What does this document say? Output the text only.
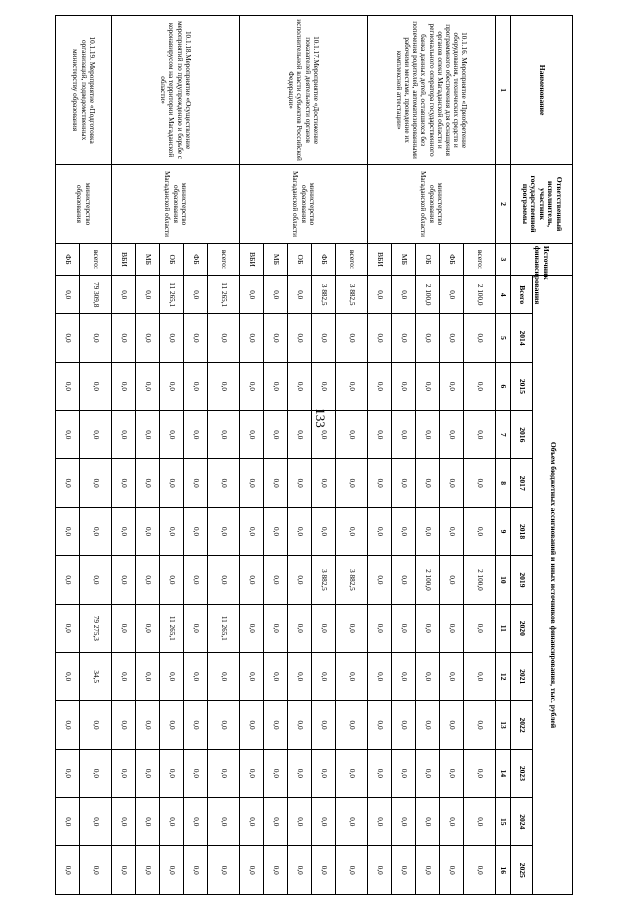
133
Наименование	Ответственный исполнитель, участник государственной программы	Источник финансирования	Объем бюджетных ассигнований и иных источников финансирования, тыс. рублей												
			Всего	2014	2015	2016	2017	2018	2019	2020	2021	2022	2023	2024	2025
1	2	3	4	5	6	7	8	9	10	11	12	13	14	15	16
10.1.16. Мероприятие «Приобретение оборудования, технических средств и программного обеспечения для оснащения органов опеки Магаданской области и регионального оператора государственного банка данных детей, оставшихся без попечения родителей, автоматизированными рабочими местами, проведение их комплексной аттестации»	министерство образования Магаданской области	всего:	2 100,0	0,0	0,0	0,0	0,0	0,0	2 100,0	0,0	0,0	0,0	0,0	0,0	0,0
		ФБ	0,0	0,0	0,0	0,0	0,0	0,0	0,0	0,0	0,0	0,0	0,0	0,0	0,0
		ОБ	2 100,0	0,0	0,0	0,0	0,0	0,0	2 100,0	0,0	0,0	0,0	0,0	0,0	0,0
		МБ	0,0	0,0	0,0	0,0	0,0	0,0	0,0	0,0	0,0	0,0	0,0	0,0	0,0
		ВБИ	0,0	0,0	0,0	0,0	0,0	0,0	0,0	0,0	0,0	0,0	0,0	0,0	0,0
10.1.17.Мероприятие «Достижение показателей деятельности органов исполнительной власти субъектов Российской Федерации»	министерство образования Магаданской области	всего:	3 882,5	0,0	0,0	0,0	0,0	0,0	3 882,5	0,0	0,0	0,0	0,0	0,0	0,0
		ФБ	3 882,5	0,0	0,0	0,0	0,0	0,0	3 882,5	0,0	0,0	0,0	0,0	0,0	0,0
		ОБ	0,0	0,0	0,0	0,0	0,0	0,0	0,0	0,0	0,0	0,0	0,0	0,0	0,0
		МБ	0,0	0,0	0,0	0,0	0,0	0,0	0,0	0,0	0,0	0,0	0,0	0,0	0,0
		ВБИ	0,0	0,0	0,0	0,0	0,0	0,0	0,0	0,0	0,0	0,0	0,0	0,0	0,0
10.1.18.Мероприятие «Осуществление мероприятий по предупреждению и борьбе с коронавирусом на территории Магаданской области»	министерство образования Магаданской области	всего:	11 265,1	0,0	0,0	0,0	0,0	0,0	0,0	11 265,1	0,0	0,0	0,0	0,0	0,0
		ФБ	0,0	0,0	0,0	0,0	0,0	0,0	0,0	0,0	0,0	0,0	0,0	0,0	0,0
		ОБ	11 265,1	0,0	0,0	0,0	0,0	0,0	0,0	11 265,1	0,0	0,0	0,0	0,0	0,0
		МБ	0,0	0,0	0,0	0,0	0,0	0,0	0,0	0,0	0,0	0,0	0,0	0,0	0,0
		ВБИ	0,0	0,0	0,0	0,0	0,0	0,0	0,0	0,0	0,0	0,0	0,0	0,0	0,0
10.1.19. Мероприятие «Подготовка организаций, подведомственных министерству образования	министерство образования	всего:	79 309,8	0,0	0,0	0,0	0,0	0,0	0,0	79 275,3	34,5	0,0	0,0	0,0	0,0
		ФБ	0,0	0,0	0,0	0,0	0,0	0,0	0,0	0,0	0,0	0,0	0,0	0,0	0,0
